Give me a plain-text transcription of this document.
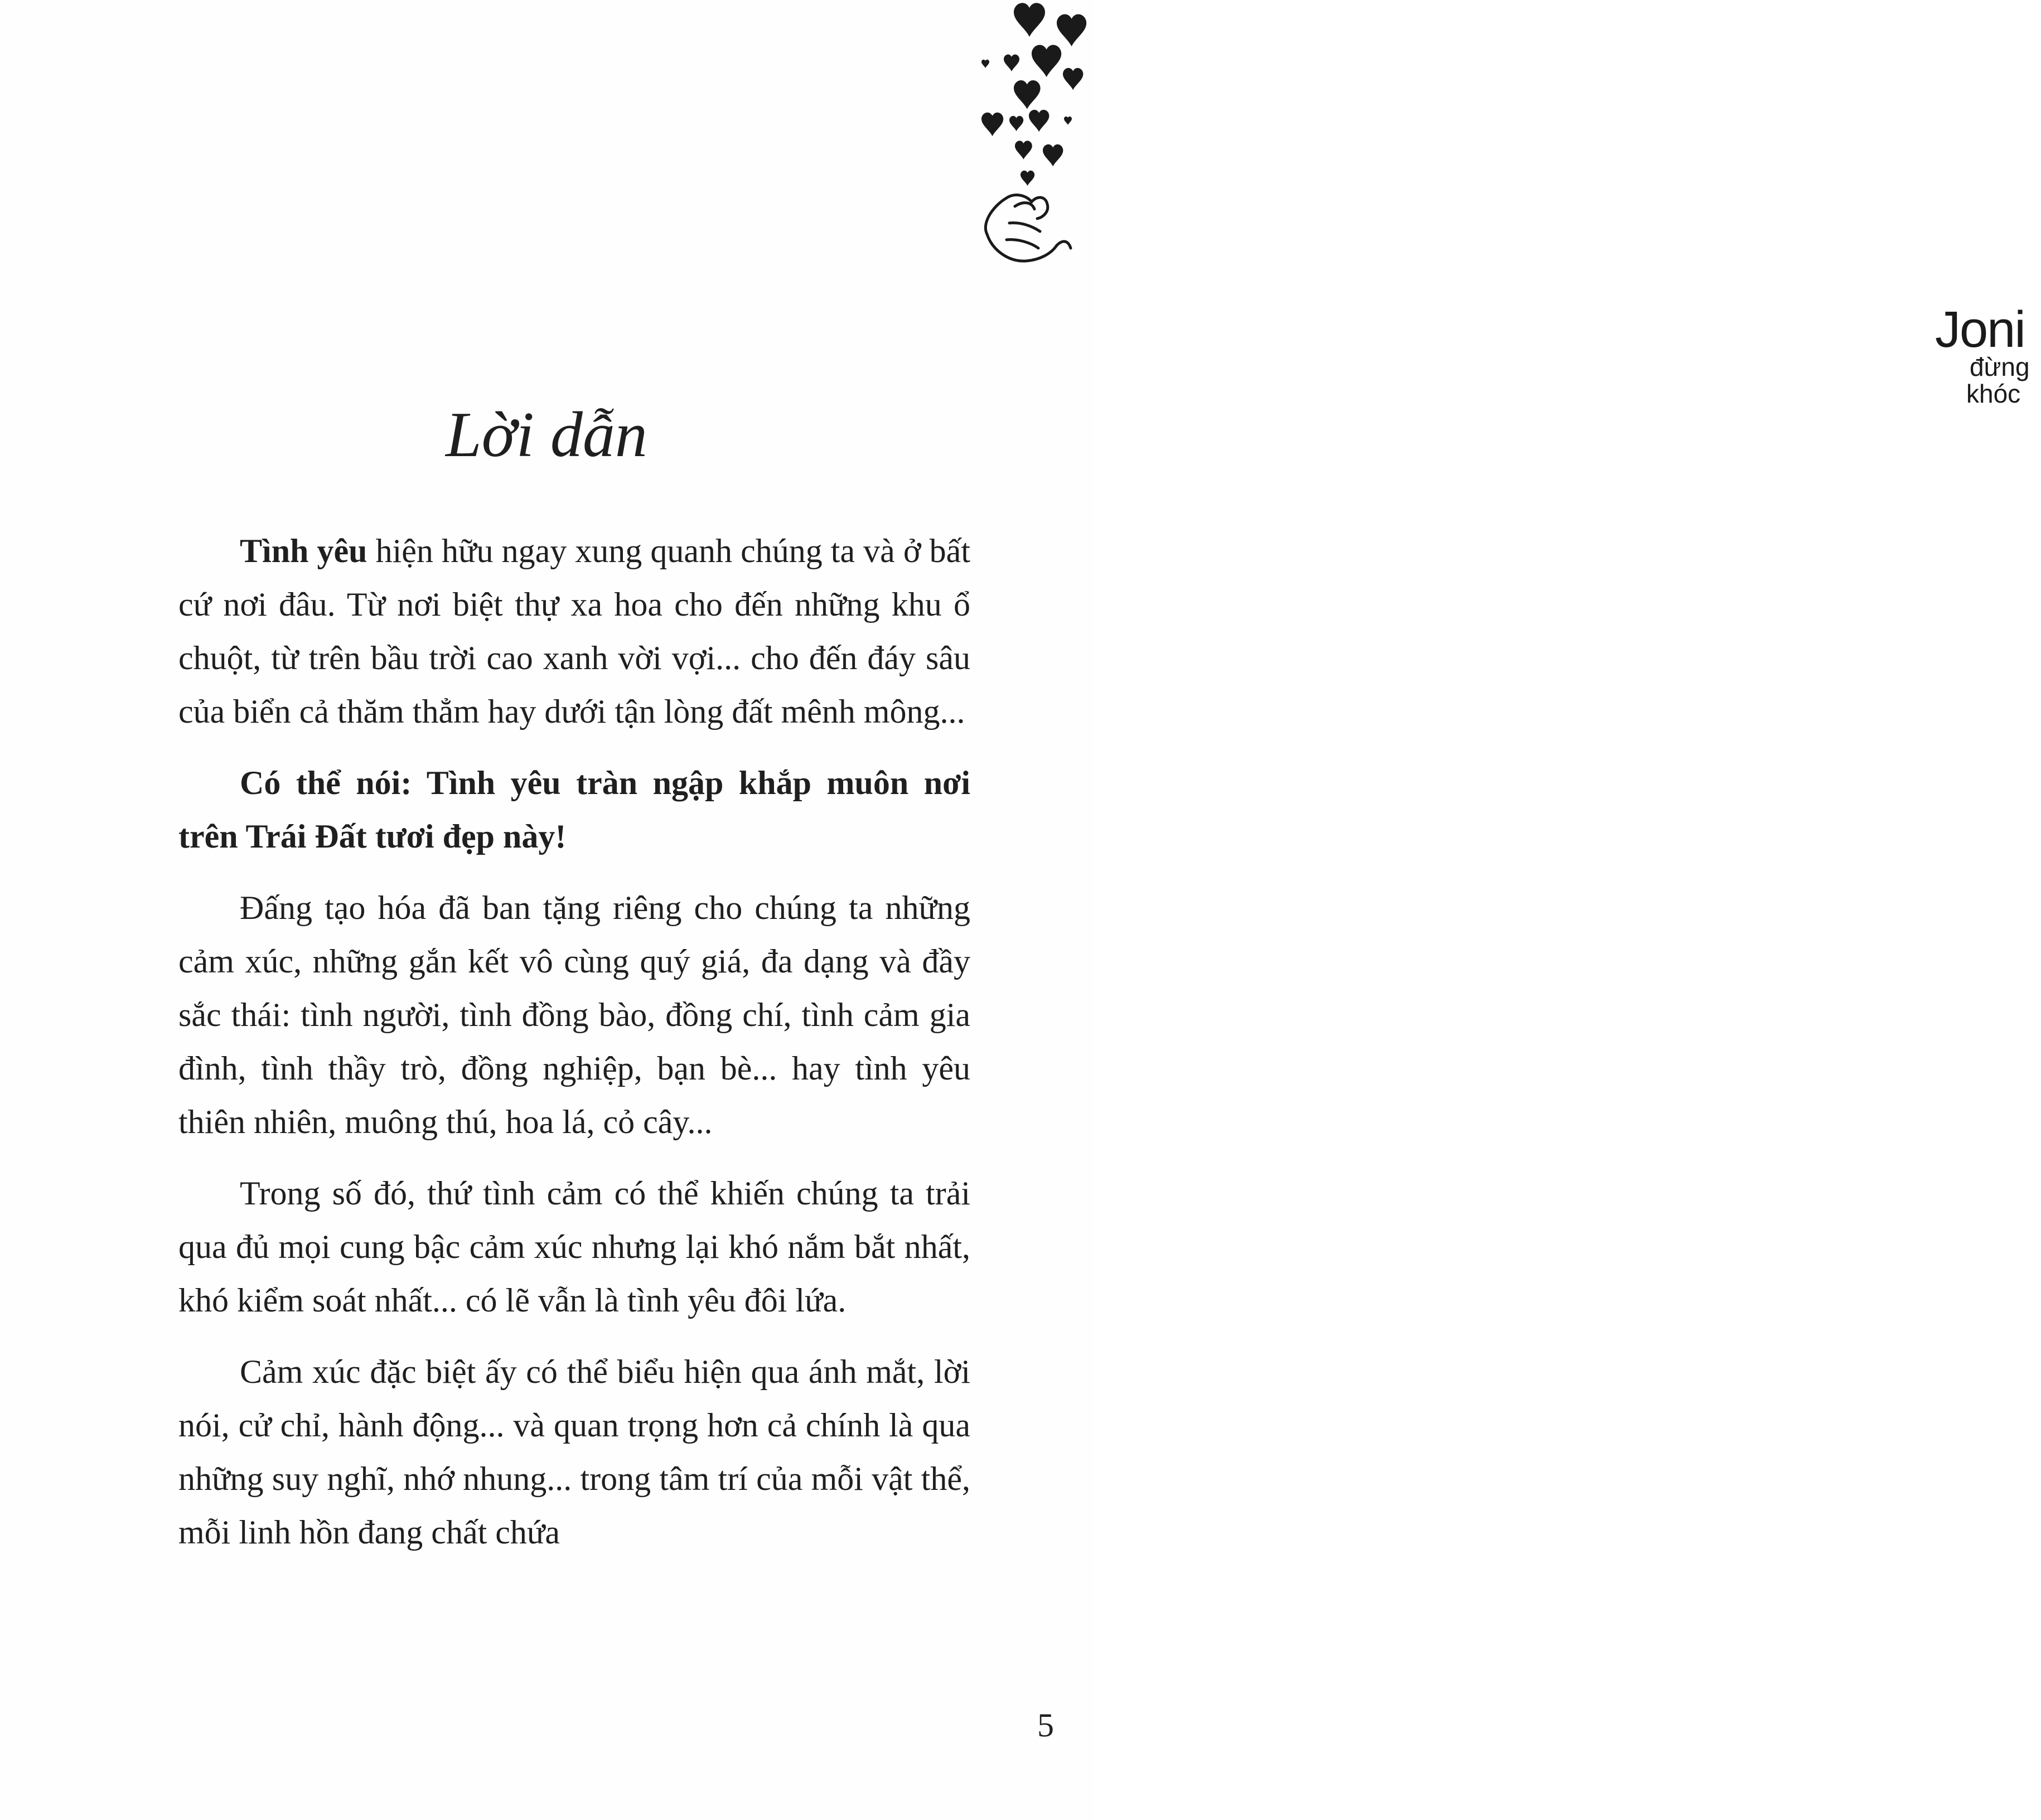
Joni
đừng
khóc
Lời dẫn

Tình yêu hiện hữu ngay xung quanh chúng ta và ở bất cứ nơi đâu. Từ nơi biệt thự xa hoa cho đến những khu ổ chuột, từ trên bầu trời cao xanh vời vợi... cho đến đáy sâu của biển cả thăm thẳm hay dưới tận lòng đất mênh mông...

Có thể nói: Tình yêu tràn ngập khắp muôn nơi trên Trái Đất tươi đẹp này!

Đấng tạo hóa đã ban tặng riêng cho chúng ta những cảm xúc, những gắn kết vô cùng quý giá, đa dạng và đầy sắc thái: tình người, tình đồng bào, đồng chí, tình cảm gia đình, tình thầy trò, đồng nghiệp, bạn bè... hay tình yêu thiên nhiên, muông thú, hoa lá, cỏ cây...

Trong số đó, thứ tình cảm có thể khiến chúng ta trải qua đủ mọi cung bậc cảm xúc nhưng lại khó nắm bắt nhất, khó kiểm soát nhất... có lẽ vẫn là tình yêu đôi lứa.

Cảm xúc đặc biệt ấy có thể biểu hiện qua ánh mắt, lời nói, cử chỉ, hành động... và quan trọng hơn cả chính là qua những suy nghĩ, nhớ nhung... trong tâm trí của mỗi vật thể, mỗi linh hồn đang chất chứa

5
